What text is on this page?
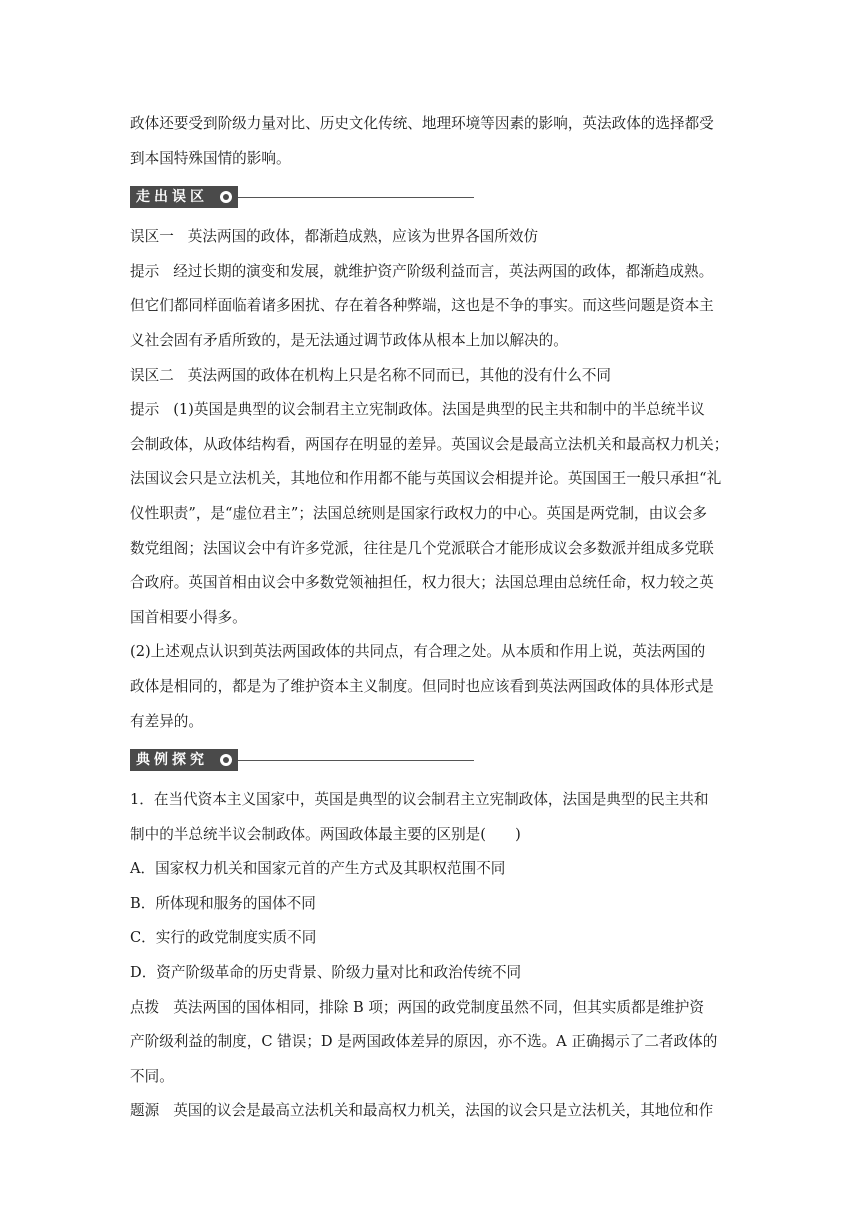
政体还要受到阶级力量对比、历史文化传统、地理环境等因素的影响，英法政体的选择都受

到本国特殊国情的影响。

走出误区

误区一 英法两国的政体，都渐趋成熟，应该为世界各国所效仿

提示 经过长期的演变和发展，就维护资产阶级利益而言，英法两国的政体，都渐趋成熟。

但它们都同样面临着诸多困扰、存在着各种弊端，这也是不争的事实。而这些问题是资本主

义社会固有矛盾所致的，是无法通过调节政体从根本上加以解决的。

误区二 英法两国的政体在机构上只是名称不同而已，其他的没有什么不同

提示 (1)英国是典型的议会制君主立宪制政体。法国是典型的民主共和制中的半总统半议

会制政体，从政体结构看，两国存在明显的差异。英国议会是最高立法机关和最高权力机关；

法国议会只是立法机关，其地位和作用都不能与英国议会相提并论。英国国王一般只承担“礼

仪性职责”，是“虚位君主”；法国总统则是国家行政权力的中心。英国是两党制，由议会多

数党组阁；法国议会中有许多党派，往往是几个党派联合才能形成议会多数派并组成多党联

合政府。英国首相由议会中多数党领袖担任，权力很大；法国总理由总统任命，权力较之英

国首相要小得多。

(2)上述观点认识到英法两国政体的共同点，有合理之处。从本质和作用上说，英法两国的

政体是相同的，都是为了维护资本主义制度。但同时也应该看到英法两国政体的具体形式是

有差异的。

典例探究

1．在当代资本主义国家中，英国是典型的议会制君主立宪制政体，法国是典型的民主共和

制中的半总统半议会制政体。两国政体最主要的区别是(　　)

A．国家权力机关和国家元首的产生方式及其职权范围不同

B．所体现和服务的国体不同

C．实行的政党制度实质不同

D．资产阶级革命的历史背景、阶级力量对比和政治传统不同

点拨 英法两国的国体相同，排除 B 项；两国的政党制度虽然不同，但其实质都是维护资

产阶级利益的制度，C 错误；D 是两国政体差异的原因，亦不选。A 正确揭示了二者政体的

不同。

题源 英国的议会是最高立法机关和最高权力机关，法国的议会只是立法机关，其地位和作
